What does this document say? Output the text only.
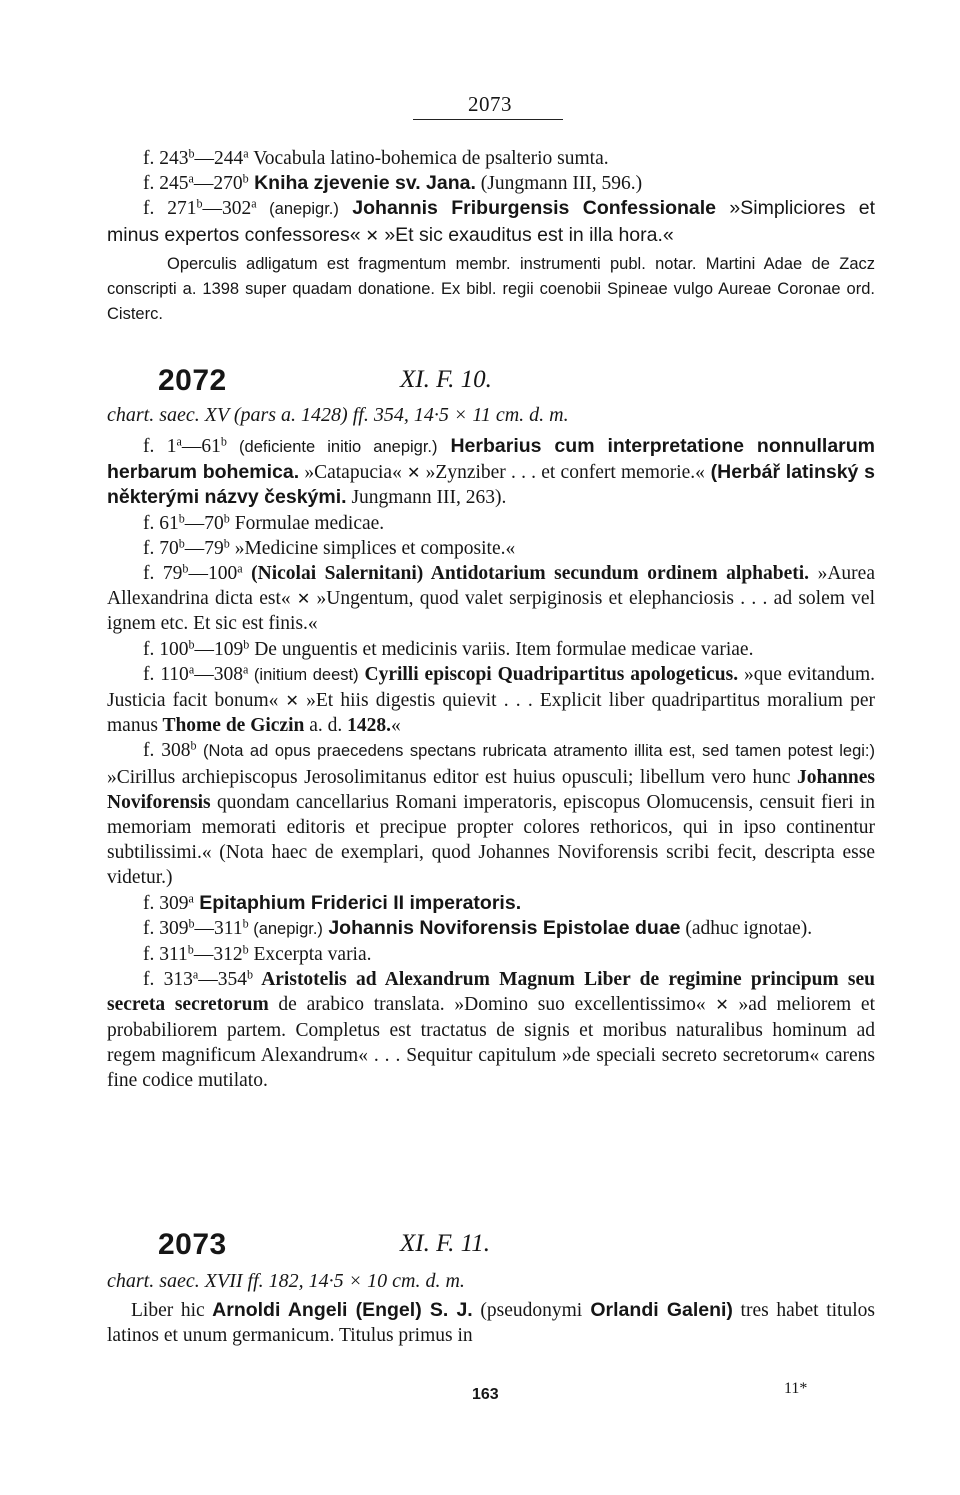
2073

f. 243$^b$—244$^a$ Vocabula latino-bohemica de psalterio sumta.

f. 245$^a$—270$^b$ Kniha zjevenie sv. Jana. (Jungmann III, 596.)

f. 271$^b$—302$^a$ (anepigr.) Johannis Friburgensis Confessionale »Simpliciores et minus expertos confessores« ✕ »Et sic exauditus est in illa hora.«

Operculis adligatum est fragmentum membr. instrumenti publ. notar. Martini Adae de Zacz conscripti a. 1398 super quadam donatione. Ex bibl. regii coenobii Spineae vulgo Aureae Coronae ord. Cisterc.

2072	XI. F. 10.
chart. saec. XV (pars a. 1428) ff. 354, 14·5 × 11 cm. d. m.

f. 1$^a$—61$^b$ (deficiente initio anepigr.) Herbarius cum interpretatione nonnullarum herbarum bohemica. »Catapucia« ✕ »Zynziber . . . et confert memorie.« (Herbář latinský s některými názvy českými. Jungmann III, 263).

f. 61$^b$—70$^b$ Formulae medicae.

f. 70$^b$—79$^b$ »Medicine simplices et composite.«

f. 79$^b$—100$^a$ (Nicolai Salernitani) Antidotarium secundum ordinem alphabeti. »Aurea Allexandrina dicta est« ✕ »Ungentum, quod valet serpiginosis et elephanciosis . . . ad solem vel ignem etc. Et sic est finis.«

f. 100$^b$—109$^b$ De unguentis et medicinis variis. Item formulae medicae variae.

f. 110$^a$—308$^a$ (initium deest) Cyrilli episcopi Quadripartitus apologeticus. »que evitandum. Justicia facit bonum« ✕ »Et hiis digestis quievit . . . Explicit liber quadripartitus moralium per manus Thome de Giczin a. d. 1428.«

f. 308$^b$ (Nota ad opus praecedens spectans rubricata atramento illita est, sed tamen potest legi:) »Cirillus archiepiscopus Jerosolimitanus editor est huius opusculi; libellum vero hunc Johannes Noviforensis quondam cancellarius Romani imperatoris, episcopus Olomucensis, censuit fieri in memoriam memorati editoris et precipue propter colores rethoricos, qui in ipso continentur subtilissimi.« (Nota haec de exemplari, quod Johannes Noviforensis scribi fecit, descripta esse videtur.)

f. 309$^a$ Epitaphium Friderici II imperatoris.

f. 309$^b$—311$^b$ (anepigr.) Johannis Noviforensis Epistolae duae (adhuc ignotae).

f. 311$^b$—312$^b$ Excerpta varia.

f. 313$^a$—354$^b$ Aristotelis ad Alexandrum Magnum Liber de regimine principum seu secreta secretorum de arabico translata. »Domino suo excellentissimo« ✕ »ad meliorem et probabiliorem partem. Completus est tractatus de signis et moribus naturalibus hominum ad regem magnificum Alexandrum« . . . Sequitur capitulum »de speciali secreto secretorum« carens fine codice mutilato.

2073	XI. F. 11.
chart. saec. XVII ff. 182, 14·5 × 10 cm. d. m.

Liber hic Arnoldi Angeli (Engel) S. J. (pseudonymi Orlandi Galeni) tres habet titulos latinos et unum germanicum. Titulus primus in

163	11*
